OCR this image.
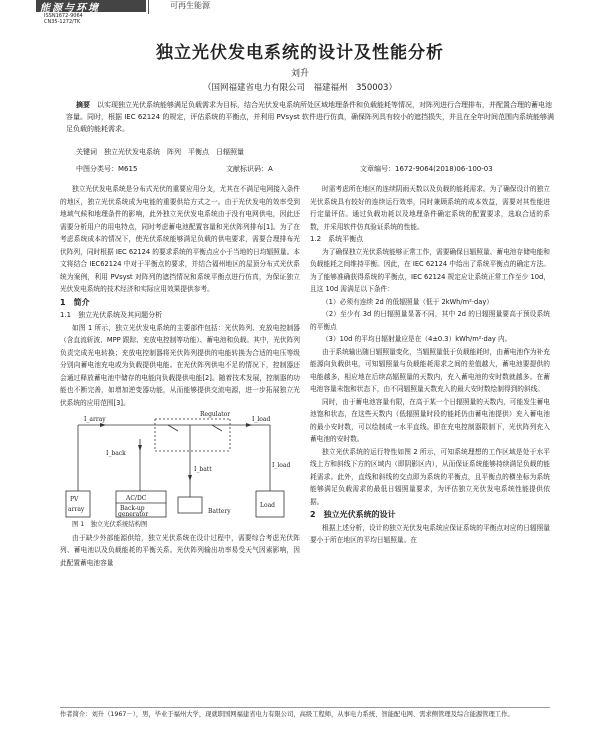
能源与环境
ISSN1672-9064
CN35-1272/TK
可再生能源
独立光伏发电系统的设计及性能分析
刘升
（国网福建省电力有限公司　福建福州　350003）
摘要　 以实现独立光伏系统能够满足负载需求为目标，结合光伏发电系统所处区域地理条件和负载能耗等情况，对阵列进行合理排布，并配置合理的蓄电池容量。同时，根据 IEC 62124 的规定，评估系统的平衡点，并利用 PVsyst 软件进行仿真，确保阵列具有较小的遮挡损失，并且在全年时间范围内系统能够满足负载的能耗需求。
关键词　 独立光伏发电系统　阵列　平衡点　日辐照量
中图分类号：M615	文献标识码：A	文章编号：1672-9064(2018)06-100-03

独立光伏发电系统是分布式光伏的重要应用分支，尤其在不满足电网接入条件的地区，独立光伏系统成为电能的重要供给方式之一。由于光伏发电的效率受到地域气候和地理条件的影响，此外独立光伏发电系统由于没有电网供电，因此还需要分析用户的用电特点，同时考虑蓄电池配置容量和光伏阵列排布[1]。为了在考虑系统成本的情况下，使光伏系统能够满足负载的供电要求，需要合理排布光伏阵列，同时根据 IEC 62124 的要求系统的平衡点应小于当地的日均辐照量。本文将结合 IEC62124 中对于平衡点的要求，并结合福州地区的屋顶分布式光伏系统为案例，利用 PVsyst 对阵列的遮挡情况和系统平衡点进行仿真，为保证独立光伏发电系统的技术经济和实际应用效果提供参考。

1　简介

1.1　独立光伏系统及其问题分析

如图 1 所示，独立光伏发电系统的主要部件包括：光伏阵列、充放电控制器（含直流斩波、MPP 跟踪、充放电控制等功能）、蓄电池和负载。其中，光伏阵列负责完成光电转换；充放电控制器将光伏阵列提供的电能转换为合适的电压等级分别向蓄电池充电或为负载提供电能。在光伏阵列供电不足的情况下，控制器还会通过释放蓄电池中储存的电能向负载提供电能[2]。随着技术发展，控制器的功能也不断完善，如增加逆变器功能，从而能够提供交流电源，进一步拓展独立光伏系统的应用范围[3]。

Regulator
I_array	I_load
I_back
I_batt
I_load
PV
array
AC/DC
Back-up
generator	Battery
Load

图 1　独立光伏系统结构图

由于缺少外部能源供给，独立光伏系统在设计过程中，需要综合考虑光伏阵列、蓄电池以及负载能耗的平衡关系。光伏阵列输出功率易受天气因素影响，因此配置蓄电池容量

时需考虑所在地区的连续阴雨天数以及负载的能耗需求。为了确保设计的独立光伏系统具有较好的连续运行效率，同时兼顾系统的成本效益，需要对其性能进行定量评估。通过负载功耗以及地理条件确定系统的配置要求，选取合适的系数，并采用软件仿真验证系统的性能。

1.2　系统平衡点

为了确保独立光伏系统能够正常工作，需要确保日辐照量、蓄电池存储电能和负载能耗之间维持平衡。因此，在 IEC 62124 中给出了系统平衡点的确定方法。为了能够准确获得系统的平衡点，IEC 62124 规定应让系统正常工作至少 10d，且这 10d 需满足以下条件：

（1）必须有连续 2d 的低辐照量（低于 2kWh/m²·day）

（2）至少有 3d 的日辐照量显著不同，其中 2d 的日辐照量要高于预设系统的平衡点

（3）10d 的平均日辐射量应是在（4±0.3）kWh/m²·day 内。

由于系统输出随日辐照量变化，当辐照量低于负载能耗时，由蓄电池作为补充能源向负载供电，可知辐照量与负载能耗需求之间的差值越大，蓄电池要提供的电能越多，相应地在后续高辐照量的天数内，充入蓄电池的安时数就越多。在蓄电池容量未饱和状态下，由不同辐照量天数充入的最大安时数绘制得到的斜线。

同时，由于蓄电池容量有限，在高于某一个日辐照量的天数内，可能发生蓄电池饱和状态，在这些天数内（低辐照量时段的能耗仍由蓄电池提供）充入蓄电池的最小安时数，可以绘制成一水平直线。即在充电控制器限制下，光伏阵列充入蓄电池的安时数。

独立光伏系统的运行特性如图 2 所示，可知系统理想的工作区域是处于水平线上方和斜线下方的区域内（即阴影区内），从而保证系统能够持续满足负载的能耗需求。此外，直线和斜线的交点即为系统的平衡点，且平衡点的横坐标为系统能够满足负载需求的最低日辐照量要求，为评估独立光伏发电系统性能提供依据。

2　独立光伏系统的设计

根据上述分析，设计的独立光伏发电系统应保证系统的平衡点对应的日辐照量要小于所在地区的平均日辐照量。在

作者简介：刘升（1967－），男，毕业于福州大学，现就职国网福建省电力有限公司，高级工程师，从事电力系统、智能配电网、需求侧管理及综合能源管理工作。
